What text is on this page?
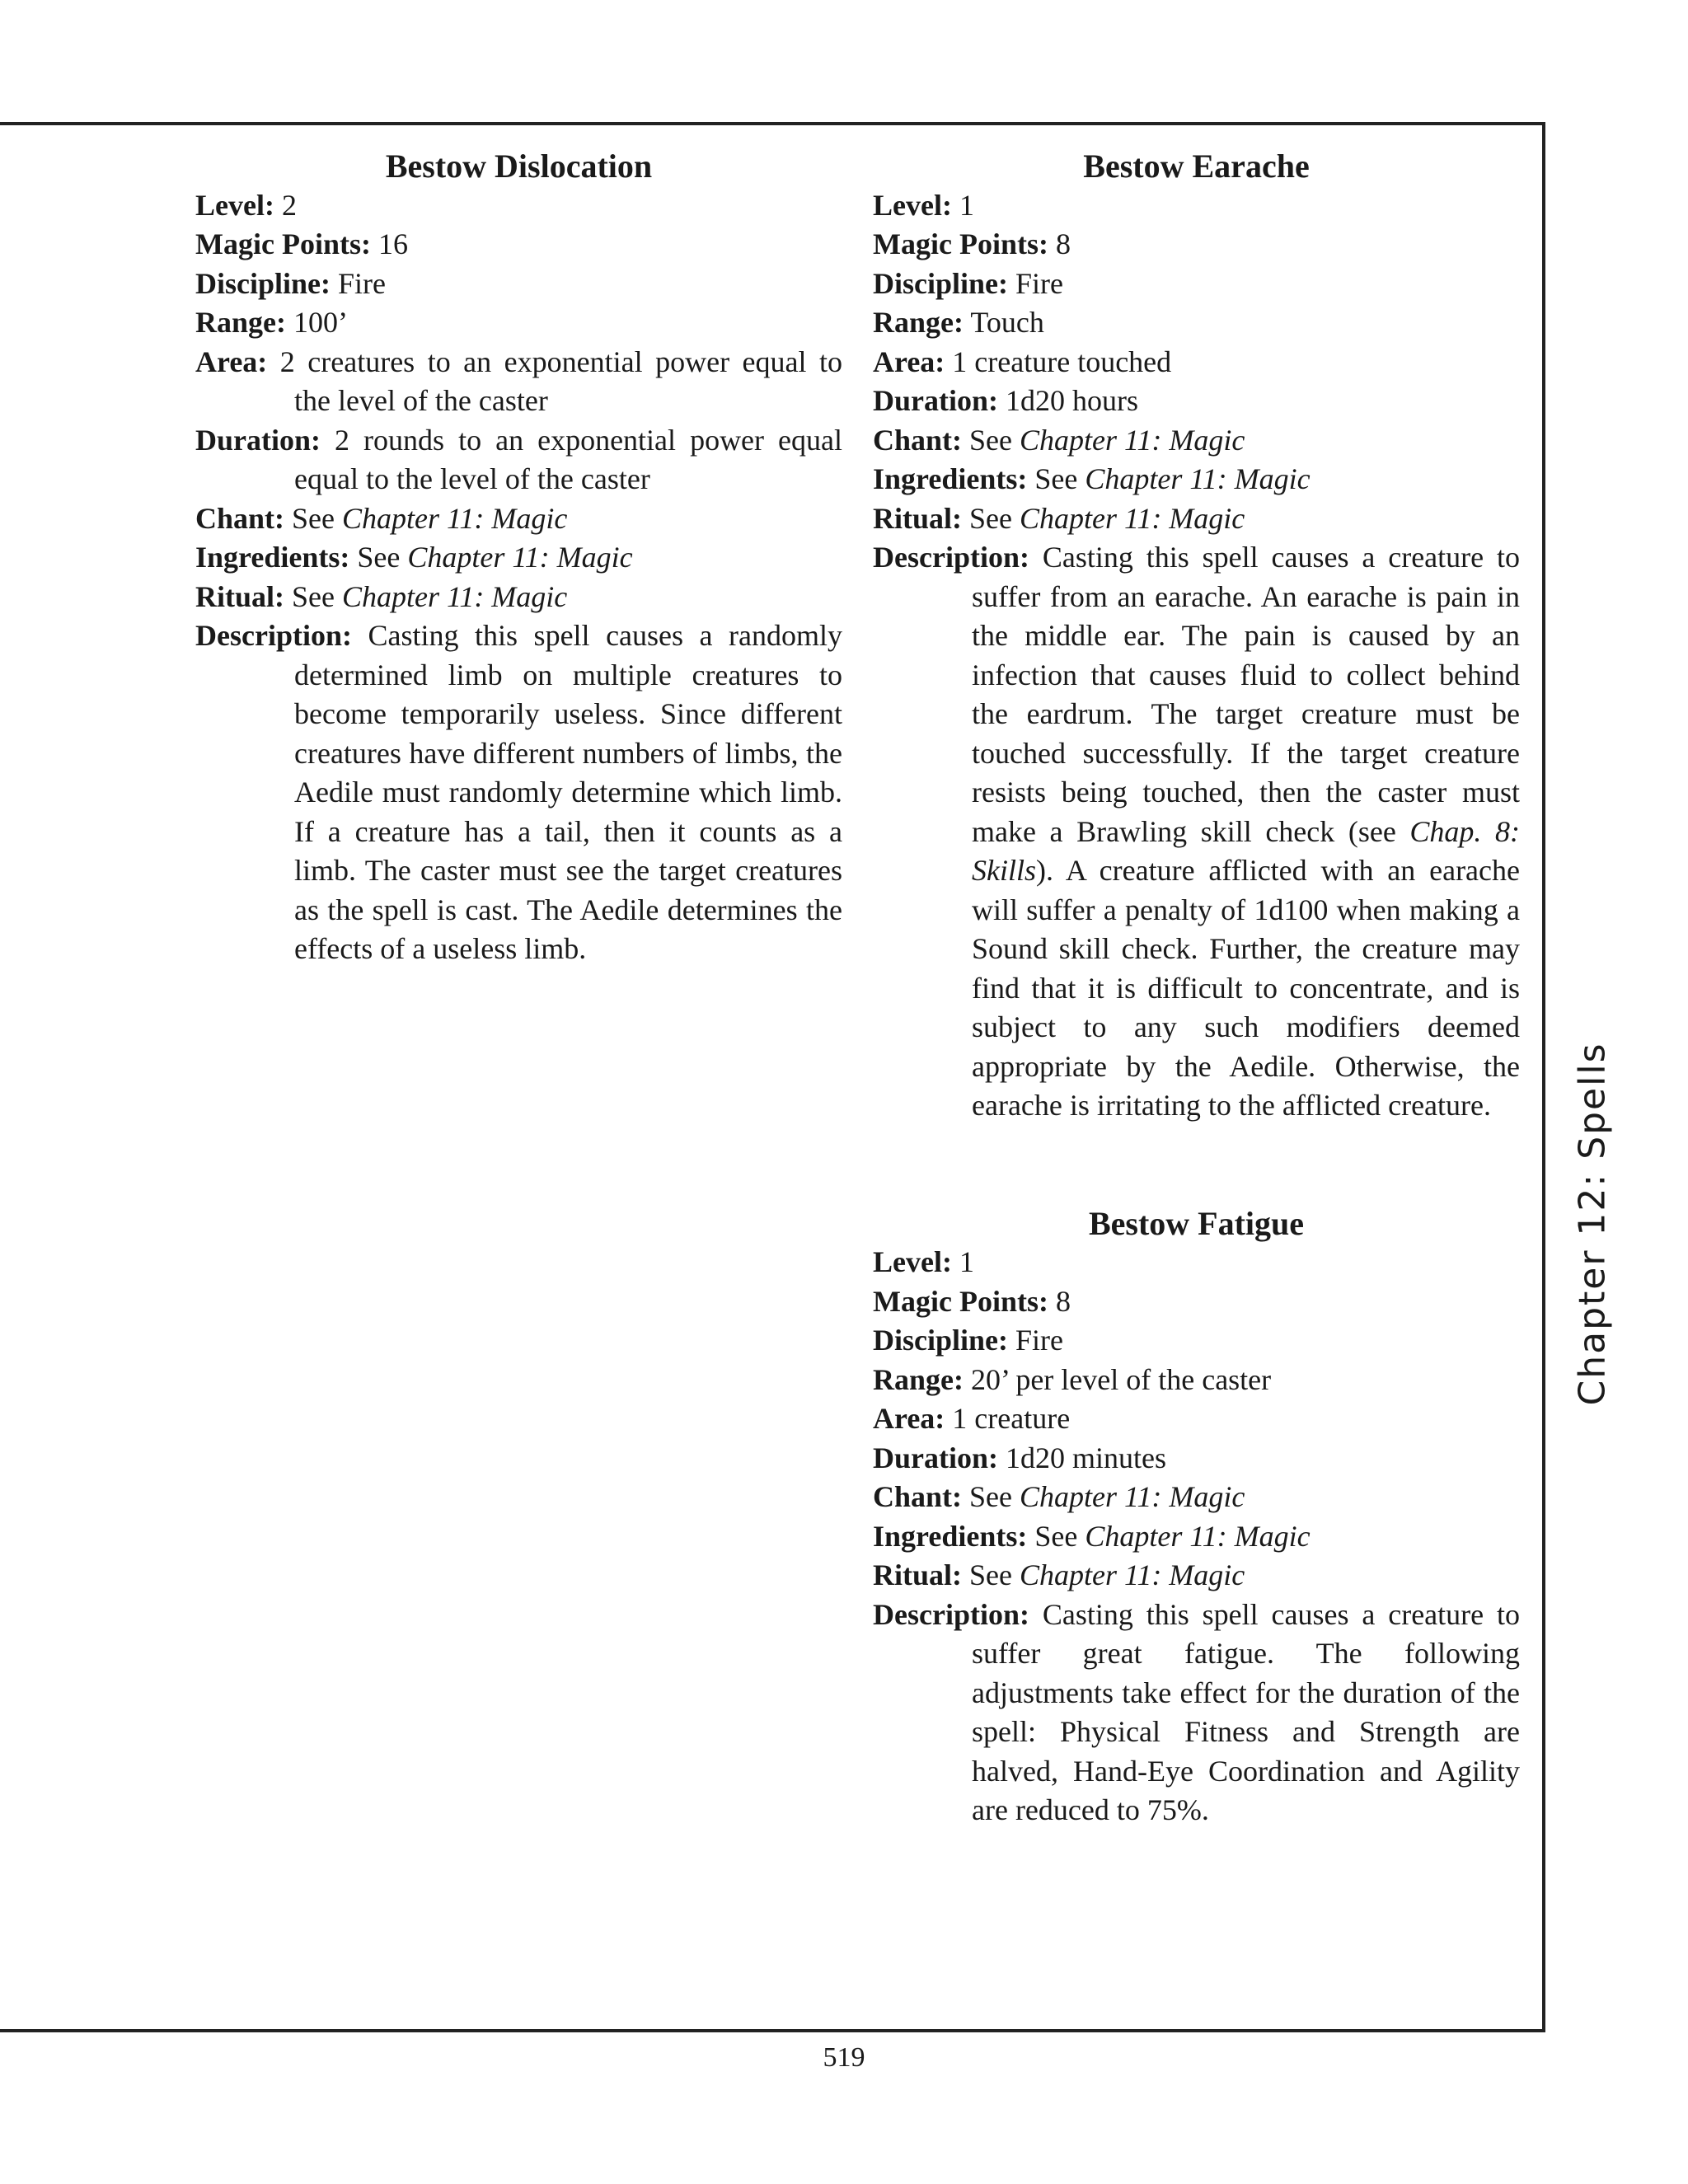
Bestow Dislocation

Level: 2

Magic Points: 16

Discipline: Fire

Range: 100’

Area: 2 creatures to an exponential power equal to the level of the caster

Duration: 2 rounds to an exponential power equal equal to the level of the caster

Chant: See Chapter 11: Magic

Ingredients: See Chapter 11: Magic

Ritual: See Chapter 11: Magic

Description: Casting this spell causes a randomly determined limb on multiple creatures to become temporarily useless. Since different creatures have different numbers of limbs, the Aedile must randomly determine which limb. If a creature has a tail, then it counts as a limb. The caster must see the target creatures as the spell is cast. The Aedile determines the effects of a useless limb.

Bestow Earache

Level: 1

Magic Points: 8

Discipline: Fire

Range: Touch

Area: 1 creature touched

Duration: 1d20 hours

Chant: See Chapter 11: Magic

Ingredients: See Chapter 11: Magic

Ritual: See Chapter 11: Magic

Description: Casting this spell causes a creature to suffer from an earache. An earache is pain in the middle ear. The pain is caused by an infection that causes fluid to collect behind the eardrum. The target creature must be touched successfully. If the target creature resists being touched, then the caster must make a Brawling skill check (see Chap. 8: Skills). A creature afflicted with an earache will suffer a penalty of 1d100 when making a Sound skill check. Further, the creature may find that it is difficult to concentrate, and is subject to any such modifiers deemed appropriate by the Aedile. Otherwise, the earache is irritating to the afflicted creature.

Bestow Fatigue

Level: 1

Magic Points: 8

Discipline: Fire

Range: 20’ per level of the caster

Area: 1 creature

Duration: 1d20 minutes

Chant: See Chapter 11: Magic

Ingredients: See Chapter 11: Magic

Ritual: See Chapter 11: Magic

Description: Casting this spell causes a creature to suffer great fatigue. The following adjustments take effect for the duration of the spell: Physical Fitness and Strength are halved, Hand-Eye Coordination and Agility are reduced to 75%.

Chapter 12: Spells
519
